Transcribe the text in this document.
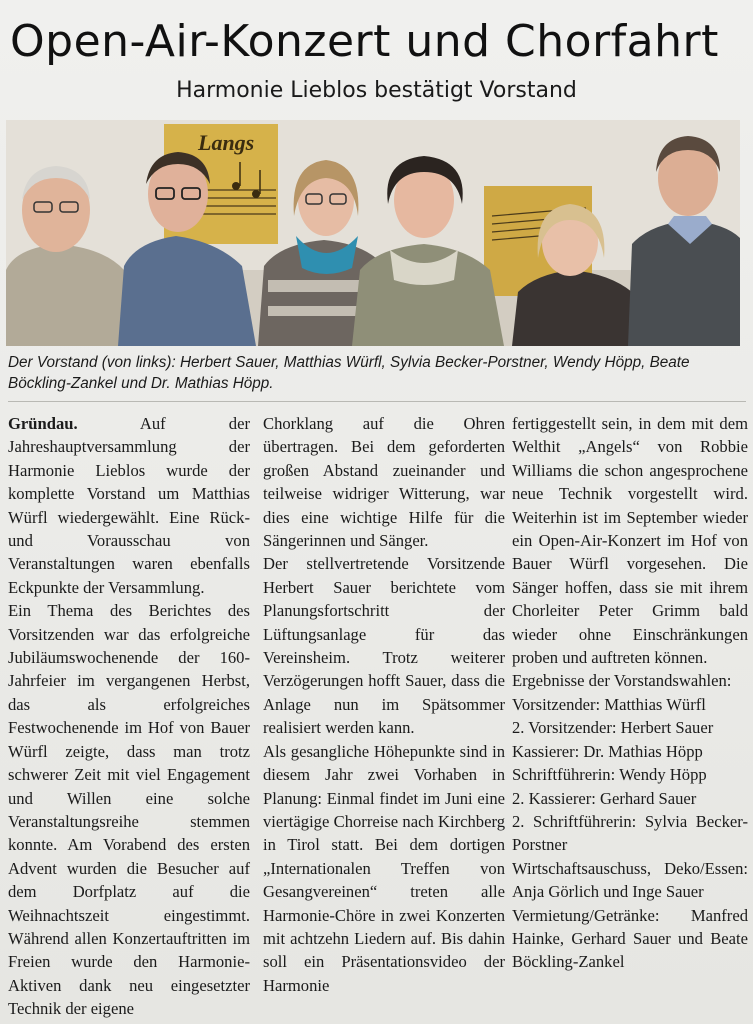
Open-Air-Konzert und Chorfahrt
Harmonie Lieblos bestätigt Vorstand
Langs
Der Vorstand (von links): Herbert Sauer, Matthias Würfl, Sylvia Becker-Porstner, Wendy Höpp, Beate Böckling-Zankel und Dr. Mathias Höpp.

Gründau.	Auf der Jahreshauptversammlung der Harmonie Lieblos wurde der komplette Vorstand um Matthias Würfl wiedergewählt. Eine Rück- und Vorausschau von Veranstaltungen waren ebenfalls Eckpunkte der Versammlung.

Ein Thema des Berichtes des Vorsitzenden war das erfolgreiche Jubiläumswochenende der 160-Jahrfeier im vergangenen Herbst, das als erfolgreiches Festwochenende im Hof von Bauer Würfl zeigte, dass man trotz schwerer Zeit mit viel Engagement und Willen eine solche Veranstaltungsreihe stemmen konnte. Am Vorabend des ersten Advent wurden die Besucher auf dem Dorfplatz auf die Weihnachtszeit eingestimmt. Während allen Konzertauftritten im Freien wurde den Harmonie-Aktiven dank neu eingesetzter Technik der eigene

Chorklang auf die Ohren übertragen. Bei dem geforderten großen Abstand zueinander und teilweise widriger Witterung, war dies eine wichtige Hilfe für die Sängerinnen und Sänger.

Der stellvertretende Vorsitzende Herbert Sauer berichtete vom Planungsfortschritt der Lüftungsanlage für das Vereinsheim. Trotz weiterer Verzögerungen hofft Sauer, dass die Anlage nun im Spätsommer realisiert werden kann.

Als gesangliche Höhepunkte sind in diesem Jahr zwei Vorhaben in Planung: Einmal findet im Juni eine viertägige Chorreise nach Kirchberg in Tirol statt. Bei dem dortigen „Internationalen Treffen von Gesangvereinen“ treten alle Harmonie-Chöre in zwei Konzerten mit achtzehn Liedern auf. Bis dahin soll ein Präsentationsvideo der Harmonie

fertiggestellt sein, in dem mit dem Welthit „Angels“ von Robbie Williams die schon angesprochene neue Technik vorgestellt wird. Weiterhin ist im September wieder ein Open-Air-Konzert im Hof von Bauer Würfl vorgesehen. Die Sänger hoffen, dass sie mit ihrem Chorleiter Peter Grimm bald wieder ohne Einschränkungen proben und auftreten können.

Ergebnisse der Vorstandswahlen:

Vorsitzender: Matthias Würfl

2. Vorsitzender: Herbert Sauer

Kassierer: Dr. Mathias Höpp

Schriftführerin: Wendy Höpp

2. Kassierer: Gerhard Sauer

2. Schriftführerin: Sylvia Becker-Porstner

Wirtschaftsauschuss, Deko/Essen: Anja Görlich und Inge Sauer

Vermietung/Getränke: Manfred Hainke, Gerhard Sauer und Beate Böckling-Zankel
